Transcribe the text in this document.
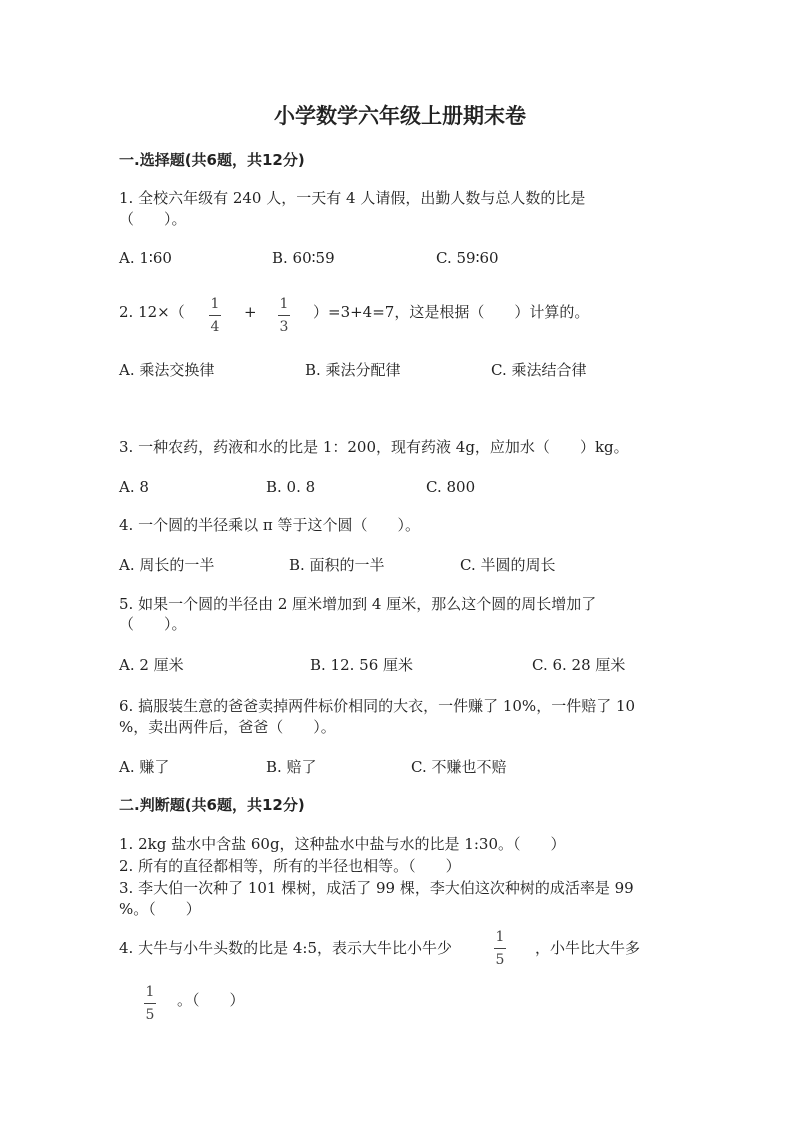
小学数学六年级上册期末卷
一.选择题(共6题，共12分)
1. 全校六年级有 240 人，一天有 4 人请假，出勤人数与总人数的比是
（　　）。
A. 1∶60	B. 60∶59	C. 59∶60
2. 12×（ 1
4
+ 1
3
）=3+4=7，这是根据（　　）计算的。
A. 乘法交换律	B. 乘法分配律	C. 乘法结合律
3. 一种农药，药液和水的比是 1：200，现有药液 4g，应加水（　　）kg。
A. 8	B. 0. 8	C. 800
4. 一个圆的半径乘以 π 等于这个圆（　　）。
A. 周长的一半	B. 面积的一半	C. 半圆的周长
5. 如果一个圆的半径由 2 厘米增加到 4 厘米，那么这个圆的周长增加了
（　　）。
A. 2 厘米	B. 12. 56 厘米	C. 6. 28 厘米
6. 搞服装生意的爸爸卖掉两件标价相同的大衣，一件赚了 10%，一件赔了 10
%，卖出两件后，爸爸（　　）。
A. 赚了	B. 赔了	C. 不赚也不赔
二.判断题(共6题，共12分)
1. 2kg 盐水中含盐 60g，这种盐水中盐与水的比是 1:30。（　　）
2. 所有的直径都相等，所有的半径也相等。（　　）
3. 李大伯一次种了 101 棵树，成活了 99 棵，李大伯这次种树的成活率是 99
%。（　　）
4. 大牛与小牛头数的比是 4:5，表示大牛比小牛少
1
5
，小牛比大牛多
1
5
。（　　）
